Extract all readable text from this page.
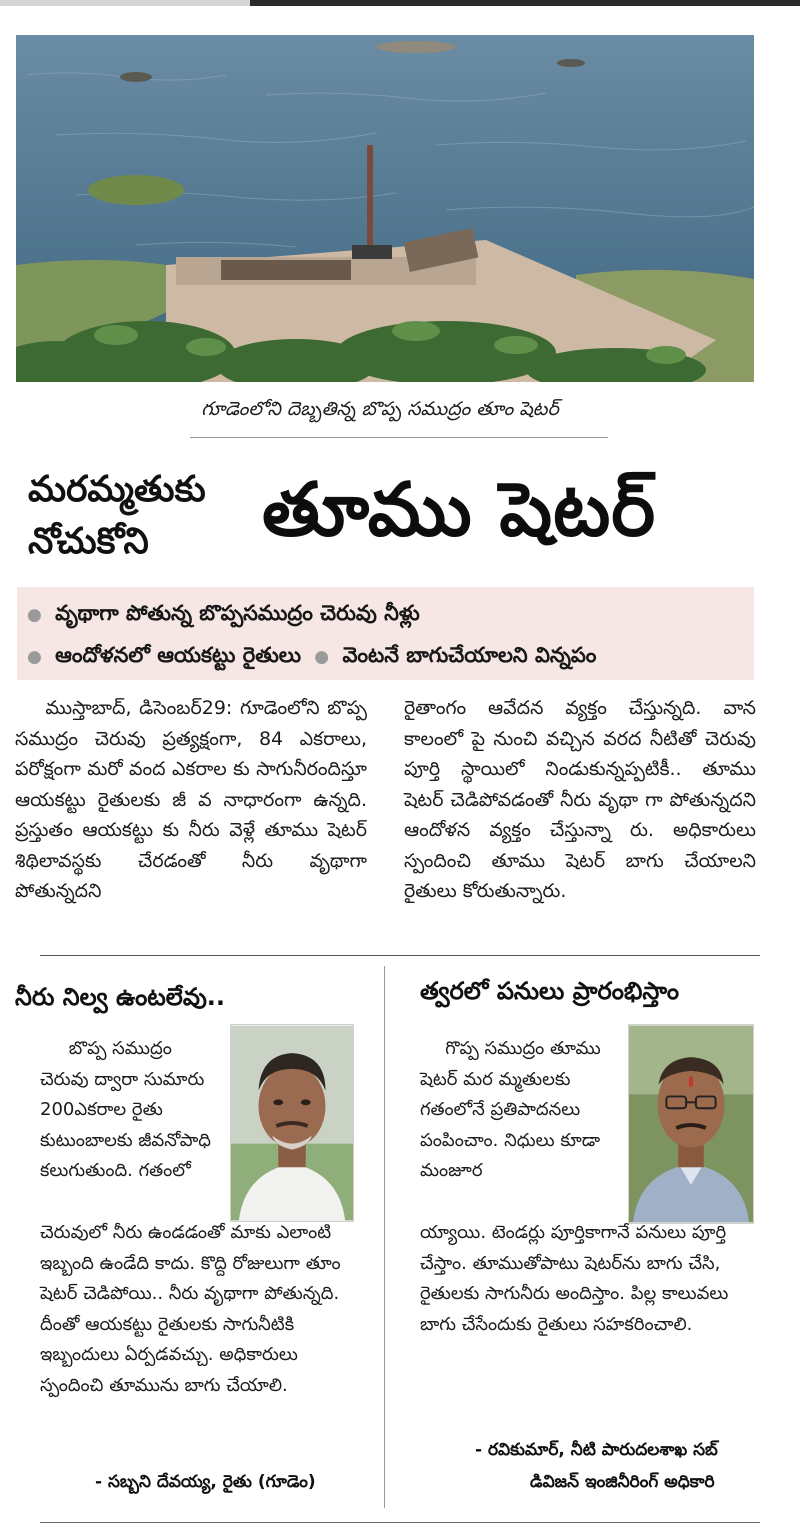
గూడెంలోని దెబ్బతిన్న బొప్ప సముద్రం తూం షెటర్
మరమ్మతుకు
నోచుకోని	తూము షెటర్
● వృథాగా పోతున్న బొప్పసముద్రం చెరువు నీళ్లు
● ఆందోళనలో ఆయకట్టు రైతులు ● వెంటనే బాగుచేయాలని విన్నపం
ముస్తాబాద్, డిసెంబర్29: గూడెంలోని బొప్ప సముద్రం చెరువు ప్రత్యక్షంగా, 84 ఎకరాలు, పరోక్షంగా మరో వంద ఎకరాల కు సాగునీరందిస్తూ ఆయకట్టు రైతులకు జీ వ నాధారంగా ఉన్నది. ప్రస్తుతం ఆయకట్టు కు నీరు వెళ్లే తూము షెటర్ శిథిలావస్థకు చేరడంతో నీరు వృథాగా పోతున్నదని
రైతాంగం ఆవేదన వ్యక్తం చేస్తున్నది. వాన కాలంలో పై నుంచి వచ్చిన వరద నీటితో చెరువు పూర్తి స్థాయిలో నిండుకున్నప్పటికీ.. తూము షెటర్ చెడిపోవడంతో నీరు వృథా గా పోతున్నదని ఆందోళన వ్యక్తం చేస్తున్నా రు. అధికారులు స్పందించి తూము షెటర్ బాగు చేయాలని రైతులు కోరుతున్నారు.
నీరు నిల్వ ఉంటలేవు..	త్వరలో పనులు ప్రారంభిస్తాం
బొప్ప సముద్రం చెరువు ద్వారా సుమారు 200ఎకరాల రైతు కుటుంబాలకు జీవనోపాధి కలుగుతుంది. గతంలో
చెరువులో నీరు ఉండడంతో మాకు ఎలాంటి ఇబ్బంది ఉండేది కాదు. కొద్ది రోజులుగా తూం షెటర్ చెడిపోయి.. నీరు వృథాగా పోతున్నది. దీంతో ఆయకట్టు రైతులకు సాగునీటికి ఇబ్బందులు ఏర్పడవచ్చు. అధికారులు స్పందించి తూమును బాగు చేయాలి.
గొప్ప సముద్రం తూము షెటర్ మర మ్మతులకు గతంలోనే ప్రతిపాదనలు పంపించాం. నిధులు కూడా మంజూర
య్యాయి. టెండర్లు పూర్తికాగానే పనులు పూర్తి చేస్తాం. తూముతోపాటు షెటర్‌ను బాగు చేసి, రైతులకు సాగునీరు అందిస్తాం. పిల్ల కాలువలు బాగు చేసేందుకు రైతులు సహకరించాలి.
- సబ్బని దేవయ్య, రైతు (గూడెం)
- రవికుమార్, నీటి పారుదలశాఖ సబ్
డివిజన్ ఇంజినీరింగ్ అధికారి
